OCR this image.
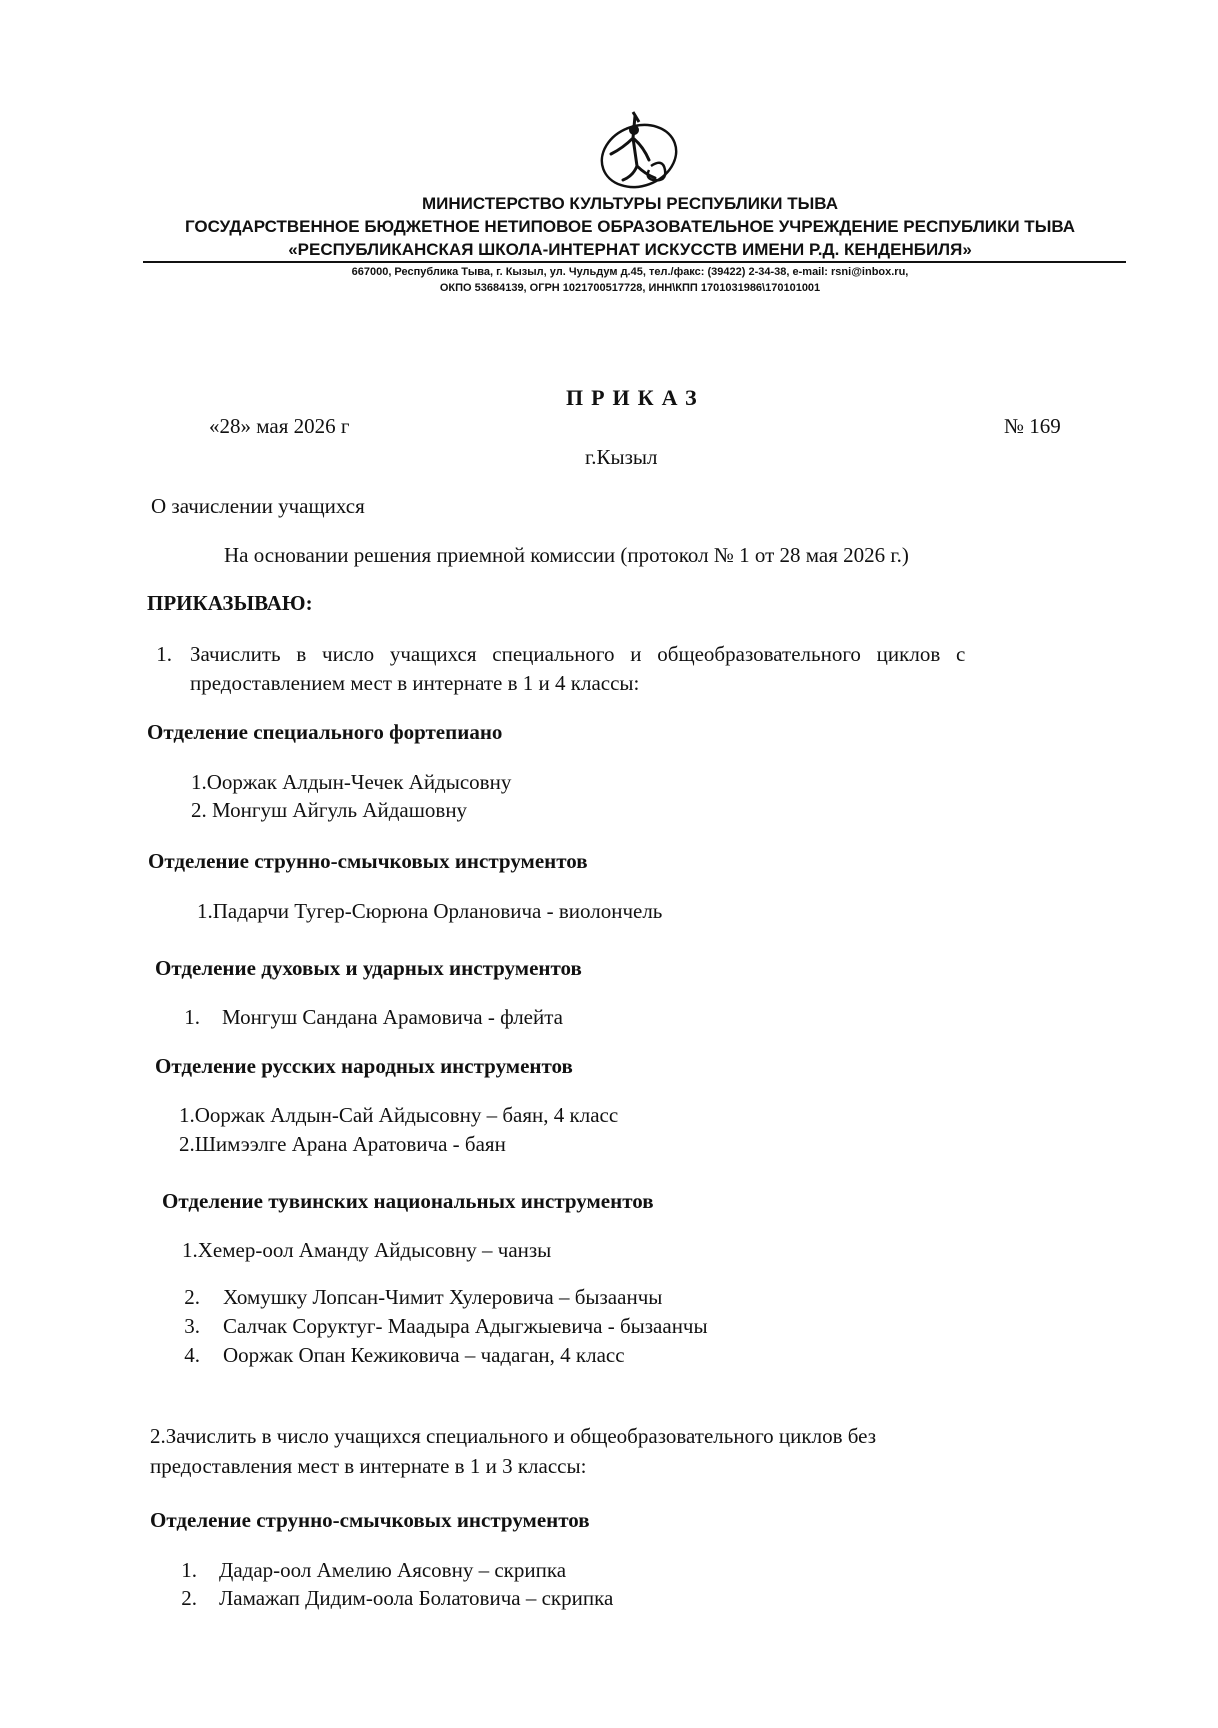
МИНИСТЕРСТВО КУЛЬТУРЫ РЕСПУБЛИКИ ТЫВА
ГОСУДАРСТВЕННОЕ БЮДЖЕТНОЕ НЕТИПОВОЕ ОБРАЗОВАТЕЛЬНОЕ УЧРЕЖДЕНИЕ РЕСПУБЛИКИ ТЫВА
«РЕСПУБЛИКАНСКАЯ ШКОЛА-ИНТЕРНАТ ИСКУССТВ ИМЕНИ Р.Д. КЕНДЕНБИЛЯ»
667000, Республика Тыва, г. Кызыл, ул. Чульдум д.45, тел./факс: (39422) 2-34-38, e-mail: rsni@inbox.ru,
ОКПО 53684139, ОГРН 1021700517728, ИНН\КПП 1701031986\170101001
ПРИКАЗ
«28» мая 2026 г	№ 169
г.Кызыл
О зачислении учащихся
На основании решения приемной комиссии (протокол № 1 от 28 мая 2026 г.)
ПРИКАЗЫВАЮ:
1. Зачислить   в   число   учащихся   специального   и   общеобразовательного   циклов   с
предоставлением мест в интернате в 1 и 4 классы:
Отделение специального фортепиано
1.Ооржак Алдын-Чечек Айдысовну
2. Монгуш Айгуль Айдашовну
Отделение струнно-смычковых инструментов
1.Падарчи Тугер-Сюрюна Орлановича - виолончель
Отделение духовых и ударных инструментов
1. Монгуш Сандана Арамовича - флейта
Отделение русских народных инструментов
1.Ооржак Алдын-Сай Айдысовну – баян, 4 класс
2.Шимээлге Арана Аратовича - баян
Отделение тувинских национальных инструментов
1.Хемер-оол Аманду Айдысовну – чанзы
2. Хомушку Лопсан-Чимит Хулеровича – бызаанчы
3. Салчак Соруктуг- Маадыра Адыгжыевича - бызаанчы
4. Ооржак Опан Кежиковича – чадаган, 4 класс
2.Зачислить в число учащихся специального и общеобразовательного циклов без
предоставления мест в интернате в 1 и 3 классы:
Отделение струнно-смычковых инструментов
1. Дадар-оол Амелию Аясовну – скрипка
2. Ламажап Дидим-оола Болатовича – скрипка
